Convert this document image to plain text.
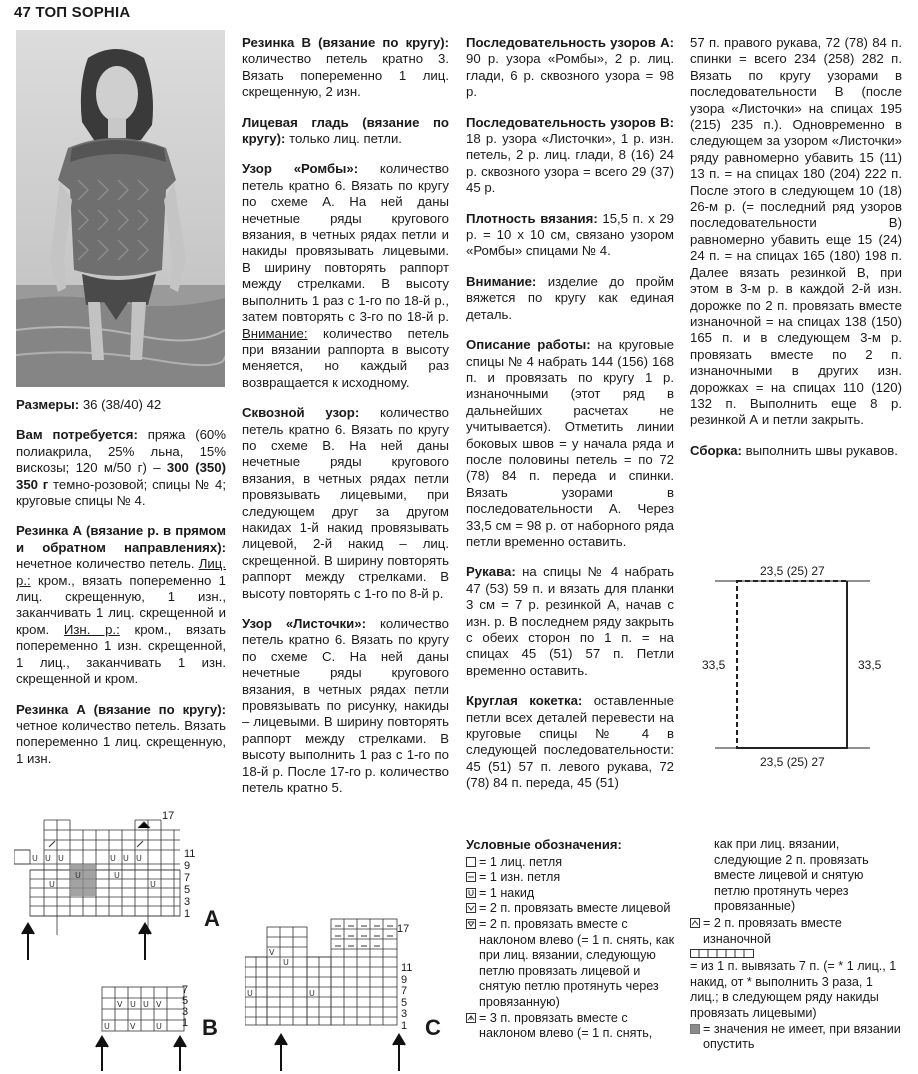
47 ТОП SOPHIA

Размеры: 36 (38/40) 42

Вам потребуется: пряжа (60% полиакрила, 25% льна, 15% вискозы; 120 м/50 г) – 300 (350) 350 г темно-розовой; спицы № 4; круговые спицы № 4.

Резинка А (вязание р. в прямом и обратном направлениях): нечетное количество петель. Лиц. р.: кром., вязать попеременно 1 лиц. скрещенную, 1 изн., заканчивать 1 лиц. скрещенной и кром. Изн. р.: кром., вязать попеременно 1 изн. скрещенной, 1 лиц., заканчивать 1 изн. скрещенной и кром.

Резинка А (вязание по кругу): четное количество петель. Вязать попеременно 1 лиц. скрещенную, 1 изн.

Резинка В (вязание по кругу): количество петель кратно 3. Вязать попеременно 1 лиц. скрещенную, 2 изн.

Лицевая гладь (вязание по кругу): только лиц. петли.

Узор «Ромбы»: количество петель кратно 6. Вязать по кругу по схеме А. На ней даны нечетные ряды кругового вязания, в четных рядах петли и накиды провязывать лицевыми. В ширину повторять раппорт между стрелками. В высоту выполнить 1 раз с 1-го по 18-й р., затем повторять с 3-го по 18-й р. Внимание: количество петель при вязании раппорта в высоту меняется, но каждый раз возвращается к исходному.

Сквозной узор: количество петель кратно 6. Вязать по кругу по схеме В. На ней даны нечетные ряды кругового вязания, в четных рядах петли провязывать лицевыми, при следующем друг за другом накидах 1-й накид провязывать лицевой, 2-й накид – лиц. скрещенной. В ширину повторять раппорт между стрелками. В высоту повторять с 1-го по 8-й р.

Узор «Листочки»: количество петель кратно 6. Вязать по кругу по схеме С. На ней даны нечетные ряды кругового вязания, в четных рядах петли провязывать по рисунку, накиды – лицевыми. В ширину повторять раппорт между стрелками. В высоту выполнить 1 раз с 1-го по 18-й р. После 17-го р. количество петель кратно 5.

Последовательность узоров А: 90 р. узора «Ромбы», 2 р. лиц. глади, 6 р. сквозного узора = 98 р.

Последовательность узоров В: 18 р. узора «Листочки», 1 р. изн. петель, 2 р. лиц. глади, 8 (16) 24 р. сквозного узора = всего 29 (37) 45 р.

Плотность вязания: 15,5 п. х 29 р. = 10 х 10 см, связано узором «Ромбы» спицами № 4.

Внимание: изделие до пройм вяжется по кругу как единая деталь.

Описание работы: на круговые спицы № 4 набрать 144 (156) 168 п. и провязать по кругу 1 р. изнаночными (этот ряд в дальнейших расчетах не учитывается). Отметить линии боковых швов = у начала ряда и после половины петель = по 72 (78) 84 п. переда и спинки. Вязать узорами в последовательности А. Через 33,5 см = 98 р. от наборного ряда петли временно оставить.

Рукава: на спицы № 4 набрать 47 (53) 59 п. и вязать для планки 3 см = 7 р. резинкой А, начав с изн. р. В последнем ряду закрыть с обеих сторон по 1 п. = на спицах 45 (51) 57 п. Петли временно оставить.

Круглая кокетка: оставленные петли всех деталей перевести на круговые спицы № 4 в следующей последовательности: 45 (51) 57 п. левого рукава, 72 (78) 84 п. переда, 45 (51)

57 п. правого рукава, 72 (78) 84 п. спинки = всего 234 (258) 282 п. Вязать по кругу узорами в последовательности В (после узора «Листочки» на спицах 195 (215) 235 п.). Одновременно в следующем за узором «Листочки» ряду равномерно убавить 15 (11) 13 п. = на спицах 180 (204) 222 п. После этого в следующем 10 (18) 26-м р. (= последний ряд узоров последовательности В) равномерно убавить еще 15 (24) 24 п. = на спицах 165 (180) 198 п. Далее вязать резинкой В, при этом в 3-м р. в каждой 2-й изн. дорожке по 2 п. провязать вместе изнаночной = на спицах 138 (150) 165 п. и в следующем 3-м р. провязать вместе по 2 п. изнаночными в других изн. дорожках = на спицах 110 (120) 132 п. Выполнить еще 8 р. резинкой А и петли закрыть.

Сборка: выполнить швы рукавов.

23,5 (25) 27
23,5 (25) 27
33,5	33,5
U U U	U U U
U	U
U	U
17
11
9
7
5
3
1 A
V U U V
U	V	U
7
5
3
1 B
U	U
U
V
17
11
9
7
5
3
1 C
Условные обозначения:
= 1 лиц. петля
= 1 изн. петля
= 1 накид
= 2 п. провязать вместе лицевой
= 2 п. провязать вместе с наклоном влево (= 1 п. снять, как при лиц. вязании, следующую петлю провязать лицевой и снятую петлю протянуть через провязанную)
= 3 п. провязать вместе с наклоном влево (= 1 п. снять,
как при лиц. вязании, следующие 2 п. провязать вместе лицевой и снятую петлю протянуть через провязанные)
= 2 п. провязать вместе изнаночной
= из 1 п. вывязать 7 п. (= * 1 лиц., 1 накид, от * выполнить 3 раза, 1 лиц.; в следующем ряду накиды провязать лицевыми)
= значения не имеет, при вязании опустить
